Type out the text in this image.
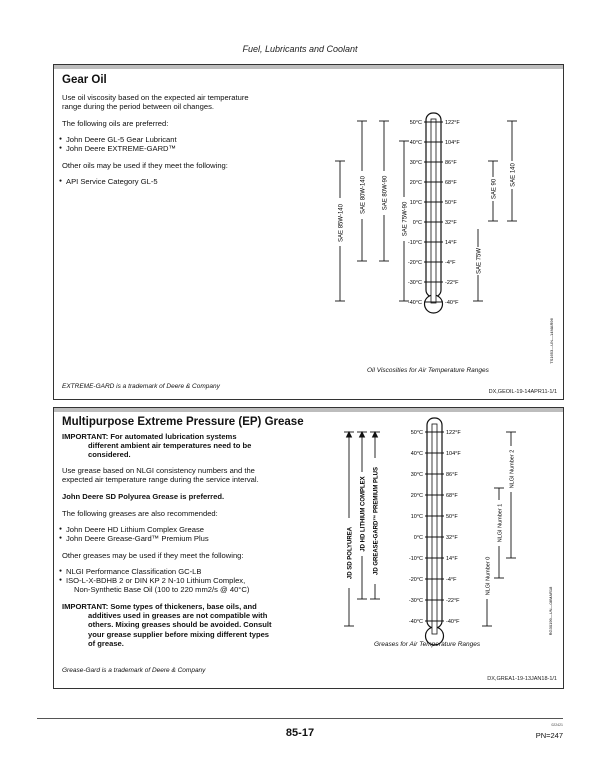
Fuel, Lubricants and Coolant
Gear Oil
Use oil viscosity based on the expected air temperature
range during the period between oil changes.
The following oils are preferred:
● John Deere GL-5 Gear Lubricant
● John Deere EXTREME-GARD™
Other oils may be used if they meet the following:
● API Service Category GL-5
50°C
40°C
30°C
20°C
10°C
0°C
-10°C
-20°C
-30°C
-40°C
122°F
104°F
86°F
68°F
50°F
32°F
14°F
-4°F
-22°F
-40°F
SAE 85W-140
SAE 80W-140	SAE 80W-90
SAE 75W-90
SAE 90
SAE 140
SAE 75W
TS1653—UN—14MAR96
Oil Viscosities for Air Temperature Ranges
EXTREME-GARD is a trademark of Deere & Company
DX,GEOIL-19-14APR11-1/1
Multipurpose Extreme Pressure (EP) Grease
IMPORTANT: For automated lubrication systems
different ambient air temperatures need to be
considered.
Use grease based on NLGI consistency numbers and the
expected air temperature range during the service interval.
John Deere SD Polyurea Grease is preferred.
The following greases are also recommended:
● John Deere HD Lithium Complex Grease
● John Deere Grease-Gard™ Premium Plus
Other greases may be used if they meet the following:
● NLGI Performance Classification GC-LB
● ISO-L-X-BDHB 2 or DIN KP 2 N-10 Lithium Complex,
Non-Synthetic Base Oil (100 to 220 mm2/s @ 40°C)
IMPORTANT: Some types of thickeners, base oils, and
additives used in greases are not compatible with
others. Mixing greases should be avoided. Consult
your grease supplier before mixing different types
of grease.
50°C
40°C
30°C
20°C
10°C
0°C
-10°C
-20°C
-30°C
-40°C
122°F
104°F
86°F
68°F
50°F
32°F
14°F
-4°F
-22°F
-40°F
JD SD POLYUREA
JD HD LITHIUM COMPLEX JD GREASE-GARD™ PREMIUM PLUS
NLGI Number 0
NLGI Number 1
NLGI Number 2
RG30199—UN—08MAR18
Greases for Air Temperature Ranges
Grease-Gard is a trademark of Deere & Company
DX,GREA1-19-13JAN18-1/1
85-17
022421
PN=247
